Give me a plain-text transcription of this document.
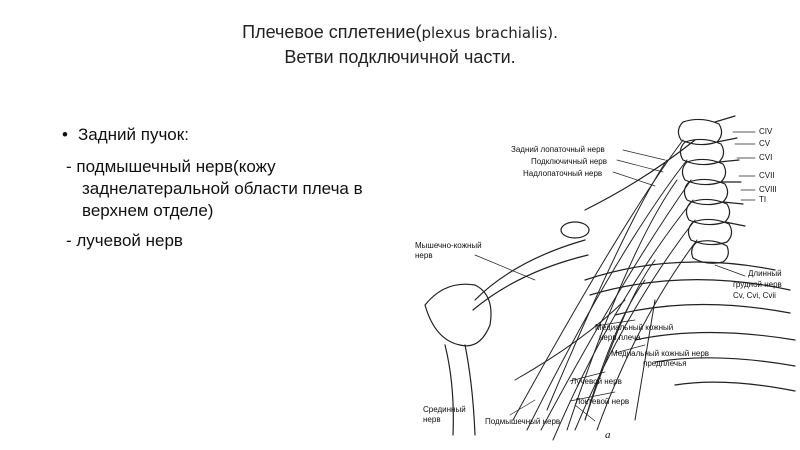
Плечевое сплетение(plexus brachialis).
Ветви подключичной части.
• Задний пучок:
- подмышечный нерв(кожу заднелатеральной области плеча в верхнем отделе)
- лучевой нерв
Задний лопаточный нерв
Подключичный нерв
Надлопаточный нерв
Мышечно-кожный
нерв
Длинный
грудной нерв
Cv, Cvi, Cvii
Медиальный кожный
нерв плеча
Медиальный кожный нерв
предплечья
Лучевой нерв
Локтевой нерв
Срединный
нерв	Подмышечный нерв
а
CIV
CV
CVI
CVII
CVIII
TI
